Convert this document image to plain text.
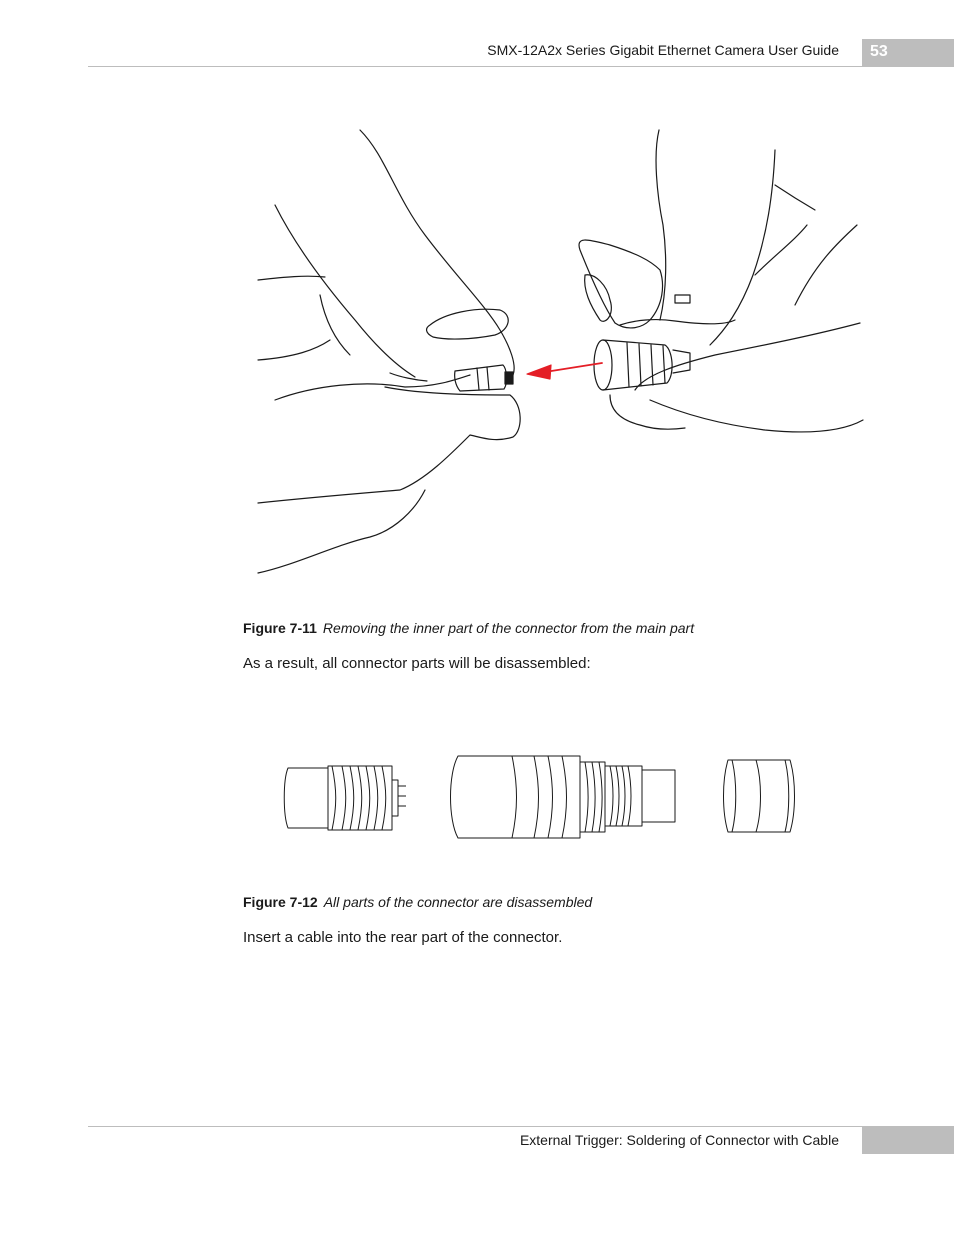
SMX-12A2x Series Gigabit Ethernet Camera User Guide 53
Figure 7-11 Removing the inner part of the connector from the main part
As a result, all connector parts will be disassembled:
Figure 7-12 All parts of the connector are disassembled
Insert a cable into the rear part of the connector.
External Trigger: Soldering of Connector with Cable
